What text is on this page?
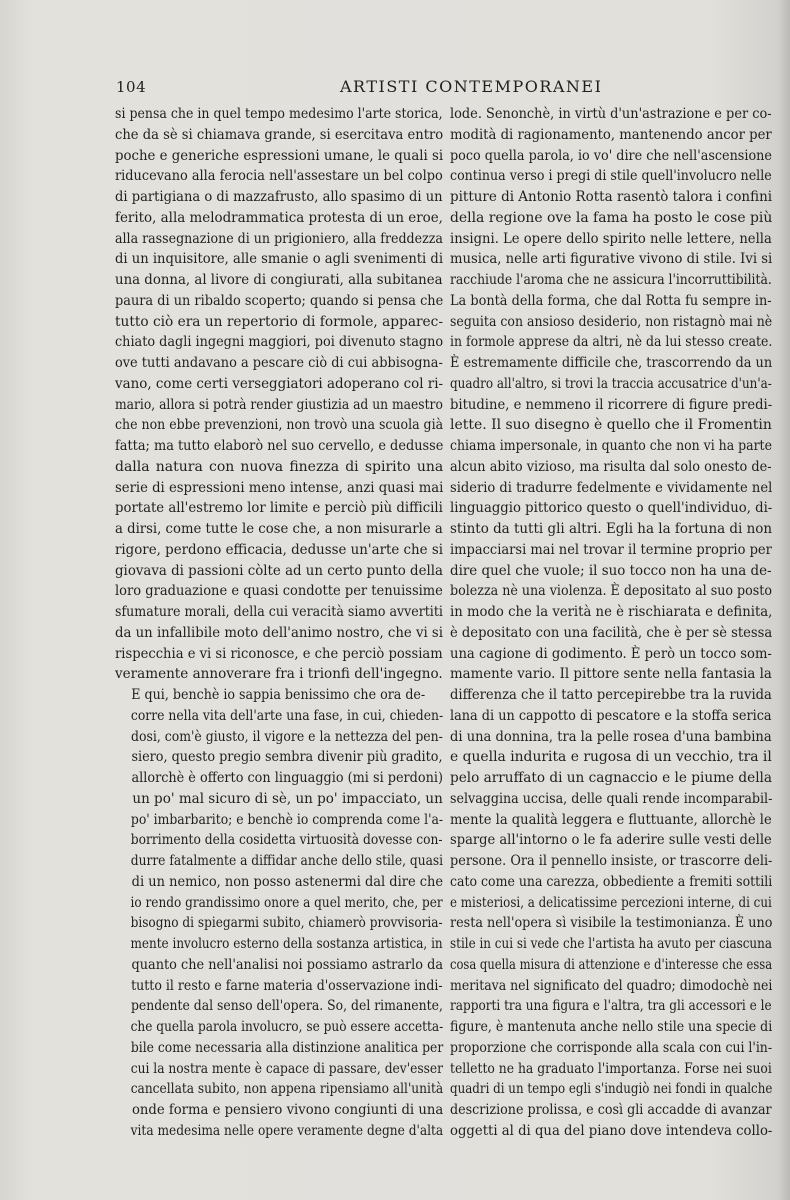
104	ARTISTI CONTEMPORANEI
si pensa che in quel tempo medesimo l'arte storica,
che da sè si chiamava grande, si esercitava entro
poche e generiche espressioni umane, le quali si
riducevano alla ferocia nell'assestare un bel colpo
di partigiana o di mazzafrusto, allo spasimo di un
ferito, alla melodrammatica protesta di un eroe,
alla rassegnazione di un prigioniero, alla freddezza
di un inquisitore, alle smanie o agli svenimenti di
una donna, al livore di congiurati, alla subitanea
paura di un ribaldo scoperto; quando si pensa che
tutto ciò era un repertorio di formole, apparec-
chiato dagli ingegni maggiori, poi divenuto stagno
ove tutti andavano a pescare ciò di cui abbisogna-
vano, come certi verseggiatori adoperano col ri-
mario, allora si potrà render giustizia ad un maestro
che non ebbe prevenzioni, non trovò una scuola già
fatta; ma tutto elaborò nel suo cervello, e dedusse
dalla natura con nuova finezza di spirito una
serie di espressioni meno intense, anzi quasi mai
portate all'estremo lor limite e perciò più difficili
a dirsi, come tutte le cose che, a non misurarle a
rigore, perdono efficacia, dedusse un'arte che si
giovava di passioni còlte ad un certo punto della
loro graduazione e quasi condotte per tenuissime
sfumature morali, della cui veracità siamo avvertiti
da un infallibile moto dell'animo nostro, che vi si
rispecchia e vi si riconosce, e che perciò possiam
veramente annoverare fra i trionfi dell'ingegno.
E qui, benchè io sappia benissimo che ora de-
corre nella vita dell'arte una fase, in cui, chieden-
dosi, com'è giusto, il vigore e la nettezza del pen-
siero, questo pregio sembra divenir più gradito,
allorchè è offerto con linguaggio (mi si perdoni)
un po' mal sicuro di sè, un po' impacciato, un
po' imbarbarito; e benchè io comprenda come l'a-
borrimento della cosidetta virtuosità dovesse con-
durre fatalmente a diffidar anche dello stile, quasi
di un nemico, non posso astenermi dal dire che
io rendo grandissimo onore a quel merito, che, per
bisogno di spiegarmi subito, chiamerò provvisoria-
mente involucro esterno della sostanza artistica, in
quanto che nell'analisi noi possiamo astrarlo da
tutto il resto e farne materia d'osservazione indi-
pendente dal senso dell'opera. So, del rimanente,
che quella parola involucro, se può essere accetta-
bile come necessaria alla distinzione analitica per
cui la nostra mente è capace di passare, dev'esser
cancellata subito, non appena ripensiamo all'unità
onde forma e pensiero vivono congiunti di una
vita medesima nelle opere veramente degne d'alta
lode. Senonchè, in virtù d'un'astrazione e per co-
modità di ragionamento, mantenendo ancor per
poco quella parola, io vo' dire che nell'ascensione
continua verso i pregi di stile quell'involucro nelle
pitture di Antonio Rotta rasentò talora i confini
della regione ove la fama ha posto le cose più
insigni. Le opere dello spirito nelle lettere, nella
musica, nelle arti figurative vivono di stile. Ivi si
racchiude l'aroma che ne assicura l'incorruttibilità.
La bontà della forma, che dal Rotta fu sempre in-
seguita con ansioso desiderio, non ristagnò mai nè
in formole apprese da altri, nè da lui stesso create.
È estremamente difficile che, trascorrendo da un
quadro all'altro, si trovi la traccia accusatrice d'un'a-
bitudine, e nemmeno il ricorrere di figure predi-
lette. Il suo disegno è quello che il Fromentin
chiama impersonale, in quanto che non vi ha parte
alcun abito vizioso, ma risulta dal solo onesto de-
siderio di tradurre fedelmente e vividamente nel
linguaggio pittorico questo o quell'individuo, di-
stinto da tutti gli altri. Egli ha la fortuna di non
impacciarsi mai nel trovar il termine proprio per
dire quel che vuole; il suo tocco non ha una de-
bolezza nè una violenza. È depositato al suo posto
in modo che la verità ne è rischiarata e definita,
è depositato con una facilità, che è per sè stessa
una cagione di godimento. È però un tocco som-
mamente vario. Il pittore sente nella fantasia la
differenza che il tatto percepirebbe tra la ruvida
lana di un cappotto di pescatore e la stoffa serica
di una donnina, tra la pelle rosea d'una bambina
e quella indurita e rugosa di un vecchio, tra il
pelo arruffato di un cagnaccio e le piume della
selvaggina uccisa, delle quali rende incomparabil-
mente la qualità leggera e fluttuante, allorchè le
sparge all'intorno o le fa aderire sulle vesti delle
persone. Ora il pennello insiste, or trascorre deli-
cato come una carezza, obbediente a fremiti sottili
e misteriosi, a delicatissime percezioni interne, di cui
resta nell'opera sì visibile la testimonianza. È uno
stile in cui si vede che l'artista ha avuto per ciascuna
cosa quella misura di attenzione e d'interesse che essa
meritava nel significato del quadro; dimodochè nei
rapporti tra una figura e l'altra, tra gli accessori e le
figure, è mantenuta anche nello stile una specie di
proporzione che corrisponde alla scala con cui l'in-
telletto ne ha graduato l'importanza. Forse nei suoi
quadri di un tempo egli s'indugiò nei fondi in qualche
descrizione prolissa, e così gli accadde di avanzar
oggetti al di qua del piano dove intendeva collo-
